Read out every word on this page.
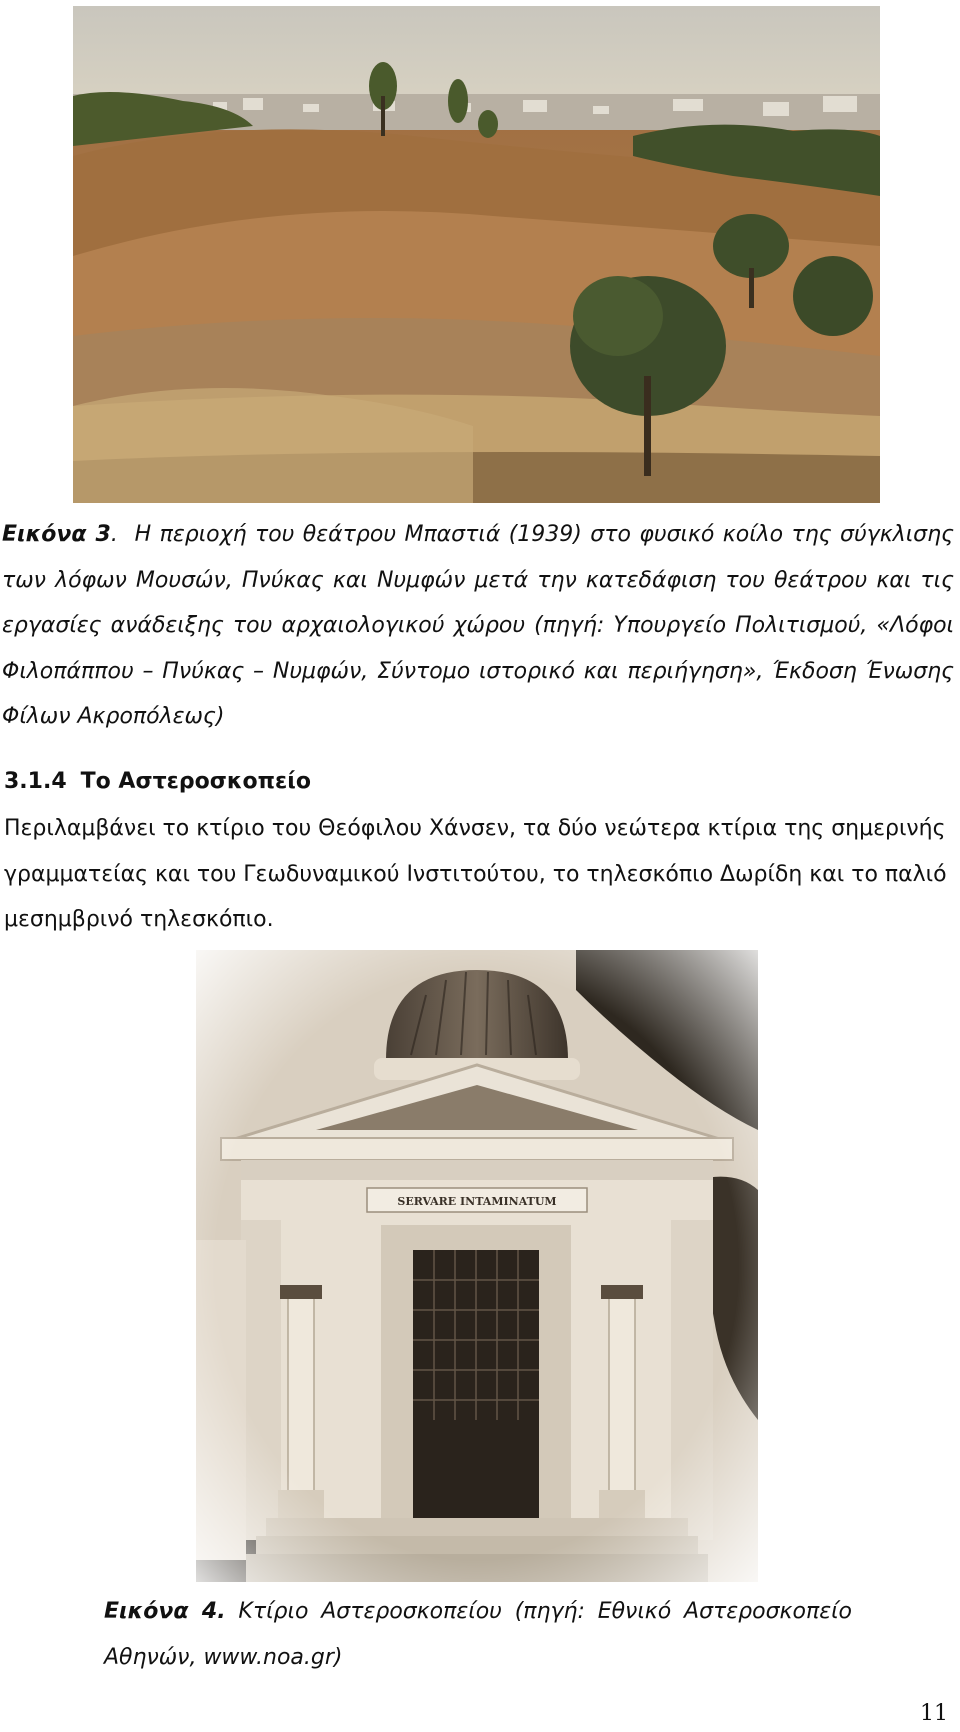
Εικόνα 3. Η περιοχή του θεάτρου Μπαστιά (1939) στο φυσικό κοίλο της σύγκλισης των λόφων Μουσών, Πνύκας και Νυμφών μετά την κατεδάφιση του θεάτρου και τις εργασίες ανάδειξης του αρχαιολογικού χώρου (πηγή: Υπουργείο Πολιτισμού, «Λόφοι Φιλοπάππου – Πνύκας – Νυμφών, Σύντομο ιστορικό και περιήγηση», Έκδοση Ένωσης Φίλων Ακροπόλεως)
3.1.4 Το Αστεροσκοπείο

Περιλαμβάνει το κτίριο του Θεόφιλου Χάνσεν, τα δύο νεώτερα κτίρια της σημερινής γραμματείας και του Γεωδυναμικού Ινστιτούτου, το τηλεσκόπιο Δωρίδη και το παλιό μεσημβρινό τηλεσκόπιο.

Εικόνα 4. Κτίριο Αστεροσκοπείου (πηγή: Εθνικό Αστεροσκοπείο Αθηνών, www.noa.gr)
11
